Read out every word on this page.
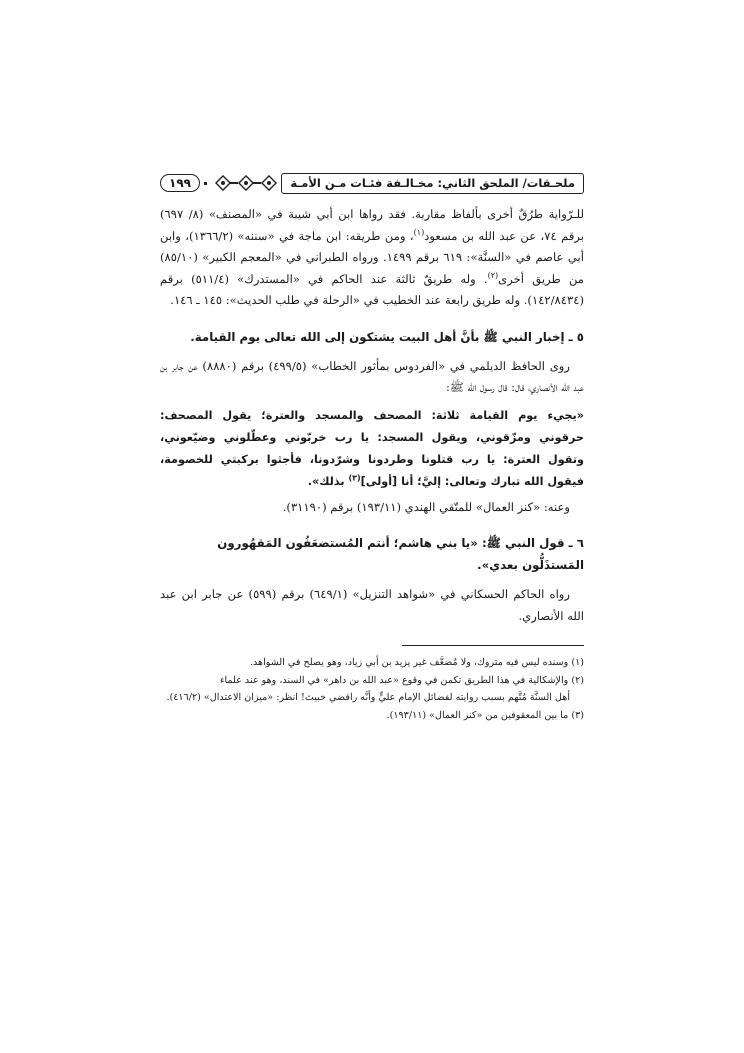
ملحـقات/ الملحق الثاني: مخـالـفة فئـات مـن الأمـة
١٩٩

للـرّواية طرُقٌ أخرى بألفاظ مقاربة. فقد رواها ابن أبي شيبة في «المصنف» (٨/ ٦٩٧) برقم ٧٤، عن عبد الله بن مسعود$^{(١)}$، ومن طريقه: ابن ماجة في «سننه» (١٣٦٦/٢)، وابن أبي عاصم في «السنَّة»: ٦١٩ برقم ١٤٩٩. ورواه الطبراني في «المعجم الكبير» (٨٥/١٠) من طريق أخرى$^{(٢)}$. وله طريقٌ ثالثة عند الحاكم في «المستدرك» (٥١١/٤) برقم (١٤٢/٨٤٣٤). وله طريق رابعة عند الخطيب في «الرحلة في طلب الحديث»: ١٤٥ ـ ١٤٦.

٥ ـ إخبار النبي ﷺ بأنَّ أهل البيت يشتكون إلى الله تعالى يوم القيامة.

روى الحافظ الديلمي في «الفردوس بمأثور الخطاب» (٤٩٩/٥) برقم (٨٨٨٠) عن جابر بن عبد الله الأنصاري، قال: قال رسول الله ﷺ:

«يجيء يوم القيامة ثلاثة: المصحف والمسجد والعترة؛ يقول المصحف: حرقوني ومزّقوني، ويقول المسجد: يا رب خربّوني وعطّلوني وضيّعوني، وتقول العترة: يا رب قتلونا وطردونا وشرّدونا، فأجثوا بركبتي للخصومة، فيقول الله تبارك وتعالى: إليَّ؛ أنا [أولى]$^{(٣)}$ بذلك».

وعنه: «كنز العمال» للمتّقي الهندي (١٩٣/١١) برقم (٣١١٩٠).

٦ ـ قول النبي ﷺ: «يا بني هاشم؛ أنتم المُستضعَفُون المَقهُورون المَستذَلُّون بعدي».

رواه الحاكم الحسكاني في «شواهد التنزيل» (٦٤٩/١) برقم (٥٩٩) عن جابر ابن عبد الله الأنصاري.

(١) وسنده ليس فيه متروك، ولا مُضعَّف غير يزيد بن أبي زياد، وهو يصلح في الشواهد.

(٢) والإشكالية في هذا الطريق تكمن في وقوع «عبد الله بن داهر» في السند، وهو عند علماء

أهل السنَّة مُتَّهم بسبب روايته لفضائل الإمام عليٍّ وأنَّه رافضي خبيث! انظر: «ميزان الاعتدال» (٤١٦/٢).

(٣) ما بين المعقوفين من «كنز العمال» (١٩٣/١١).
